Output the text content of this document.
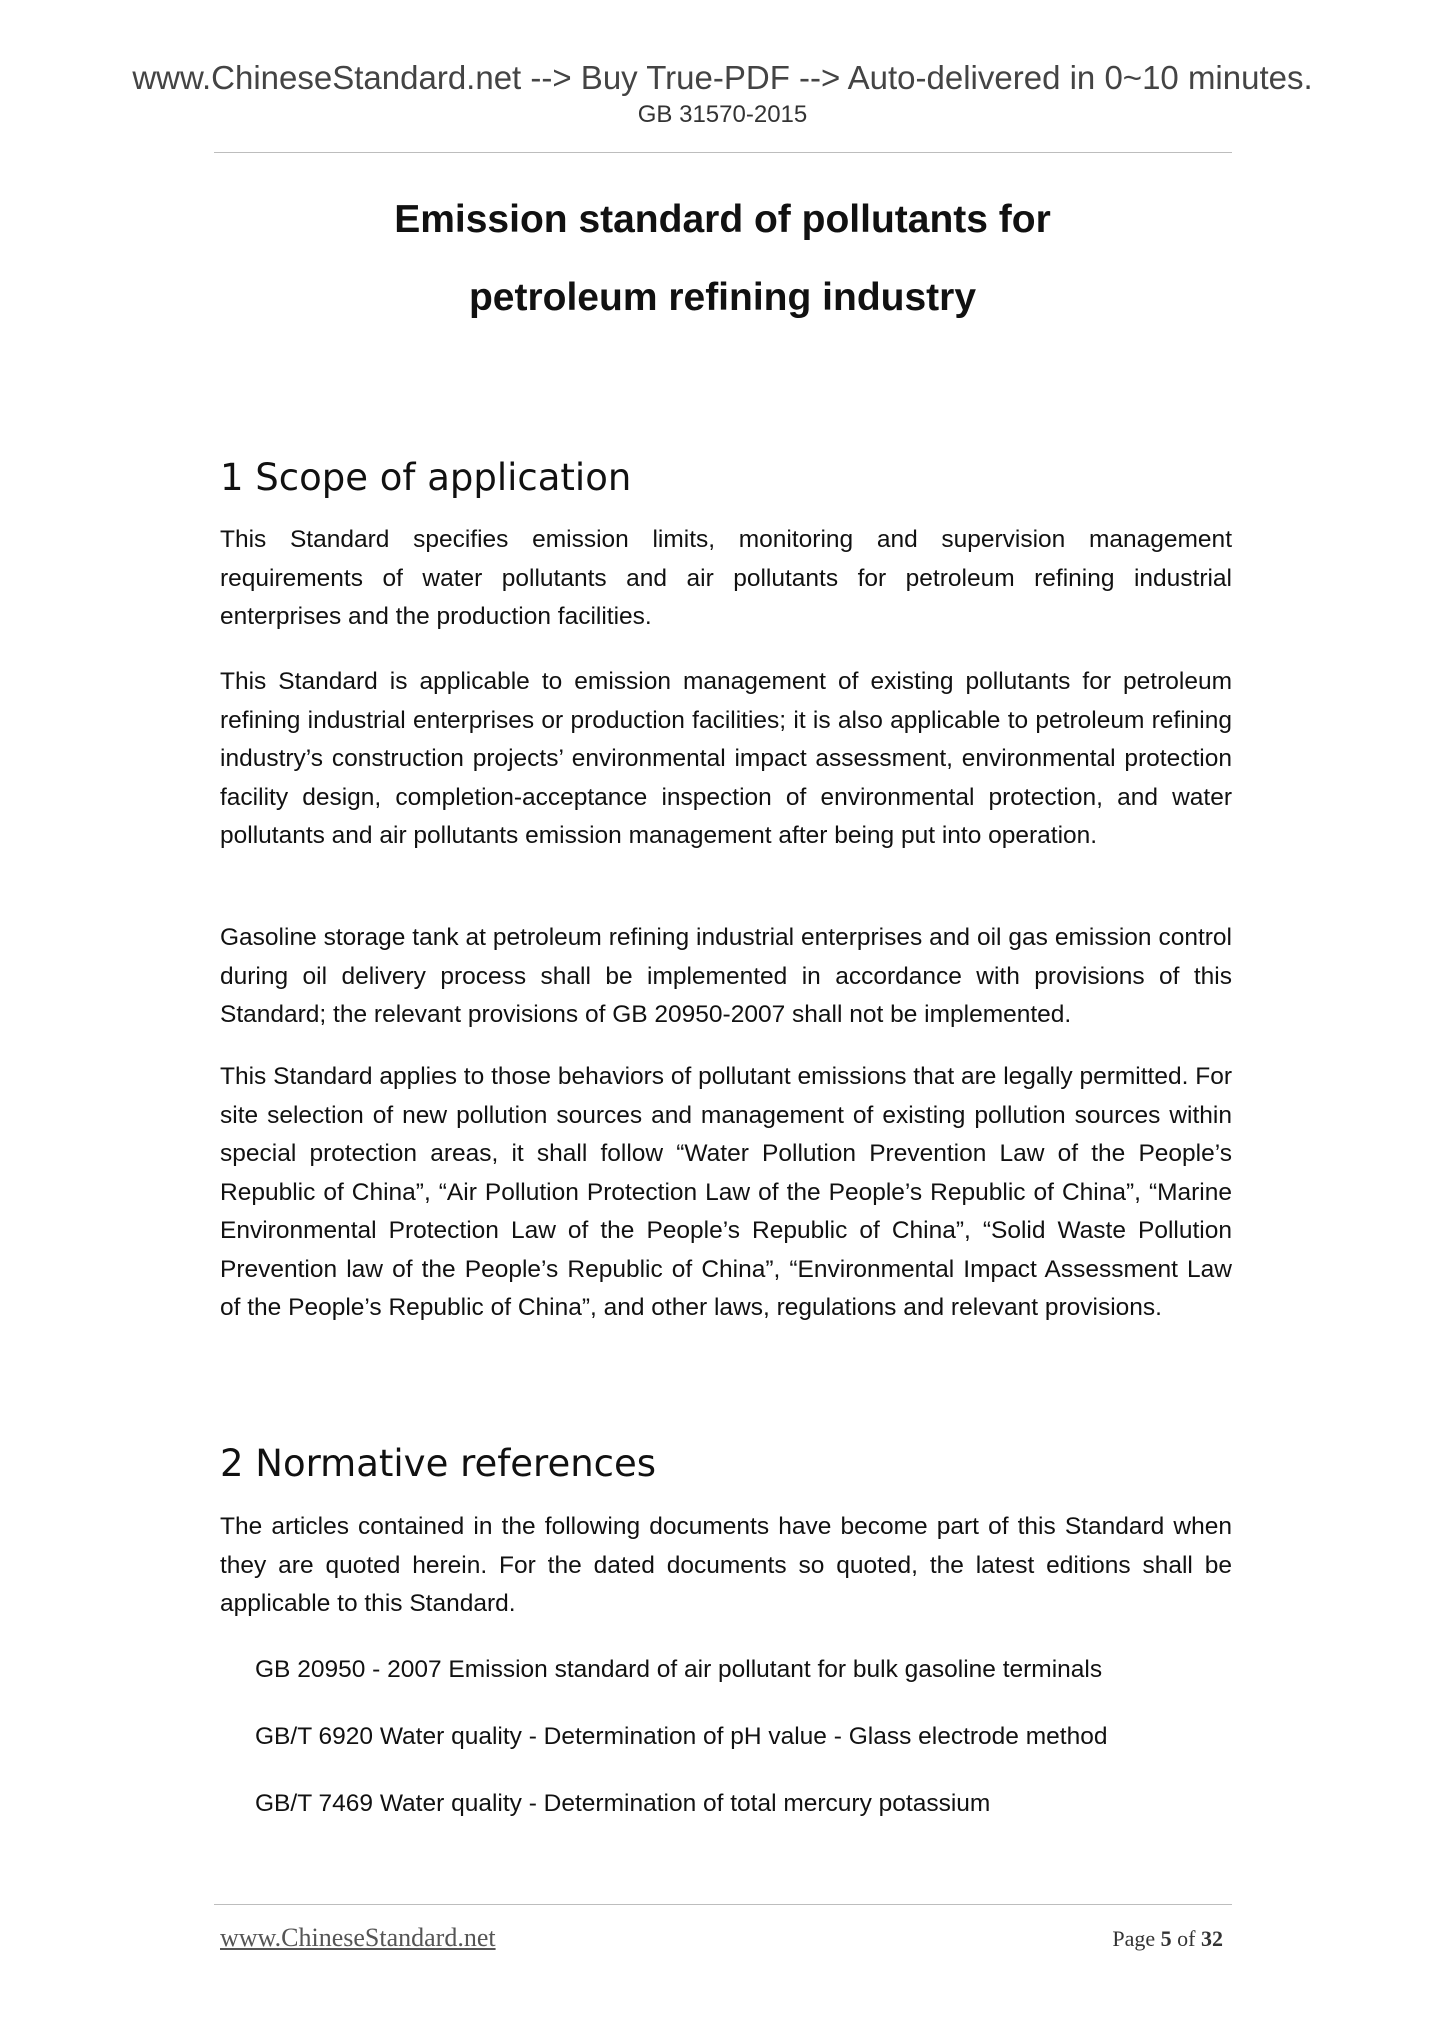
www.ChineseStandard.net --> Buy True-PDF --> Auto-delivered in 0~10 minutes.
GB 31570-2015
Emission standard of pollutants for
petroleum refining industry
1 Scope of application
This Standard specifies emission limits, monitoring and supervision management requirements of water pollutants and air pollutants for petroleum refining industrial enterprises and the production facilities.
This Standard is applicable to emission management of existing pollutants for petroleum refining industrial enterprises or production facilities; it is also applicable to petroleum refining industry’s construction projects’ environmental impact assessment, environmental protection facility design, completion-acceptance inspection of environmental protection, and water pollutants and air pollutants emission management after being put into operation.
Gasoline storage tank at petroleum refining industrial enterprises and oil gas emission control during oil delivery process shall be implemented in accordance with provisions of this Standard; the relevant provisions of GB 20950-2007 shall not be implemented.
This Standard applies to those behaviors of pollutant emissions that are legally permitted. For site selection of new pollution sources and management of existing pollution sources within special protection areas, it shall follow “Water Pollution Prevention Law of the People’s Republic of China”, “Air Pollution Protection Law of the People’s Republic of China”, “Marine Environmental Protection Law of the People’s Republic of China”, “Solid Waste Pollution Prevention law of the People’s Republic of China”, “Environmental Impact Assessment Law of the People’s Republic of China”, and other laws, regulations and relevant provisions.
2 Normative references
The articles contained in the following documents have become part of this Standard when they are quoted herein. For the dated documents so quoted, the latest editions shall be applicable to this Standard.
GB 20950 - 2007 Emission standard of air pollutant for bulk gasoline terminals
GB/T 6920 Water quality - Determination of pH value - Glass electrode method
GB/T 7469 Water quality - Determination of total mercury potassium
www.ChineseStandard.net	Page 5 of 32
